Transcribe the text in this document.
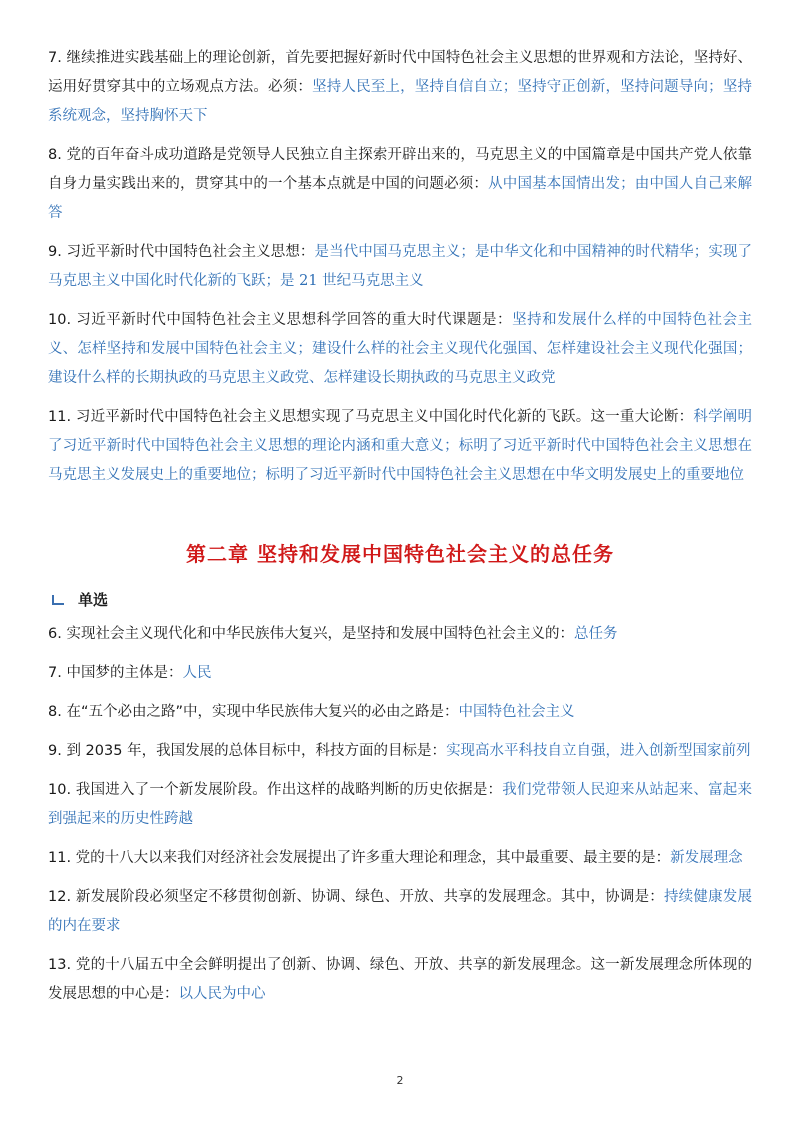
7. 继续推进实践基础上的理论创新，首先要把握好新时代中国特色社会主义思想的世界观和方法论，坚持好、运用好贯穿其中的立场观点方法。必须：坚持人民至上，坚持自信自立；坚持守正创新，坚持问题导向；坚持系统观念，坚持胸怀天下

8. 党的百年奋斗成功道路是党领导人民独立自主探索开辟出来的，马克思主义的中国篇章是中国共产党人依靠自身力量实践出来的，贯穿其中的一个基本点就是中国的问题必须：从中国基本国情出发；由中国人自己来解答

9. 习近平新时代中国特色社会主义思想：是当代中国马克思主义；是中华文化和中国精神的时代精华；实现了马克思主义中国化时代化新的飞跃；是 21 世纪马克思主义

10. 习近平新时代中国特色社会主义思想科学回答的重大时代课题是：坚持和发展什么样的中国特色社会主义、怎样坚持和发展中国特色社会主义；建设什么样的社会主义现代化强国、怎样建设社会主义现代化强国；建设什么样的长期执政的马克思主义政党、怎样建设长期执政的马克思主义政党

11. 习近平新时代中国特色社会主义思想实现了马克思主义中国化时代化新的飞跃。这一重大论断：科学阐明了习近平新时代中国特色社会主义思想的理论内涵和重大意义；标明了习近平新时代中国特色社会主义思想在马克思主义发展史上的重要地位；标明了习近平新时代中国特色社会主义思想在中华文明发展史上的重要地位

第二章 坚持和发展中国特色社会主义的总任务
单选

6. 实现社会主义现代化和中华民族伟大复兴，是坚持和发展中国特色社会主义的：总任务

7. 中国梦的主体是：人民

8. 在“五个必由之路”中，实现中华民族伟大复兴的必由之路是：中国特色社会主义

9. 到 2035 年，我国发展的总体目标中，科技方面的目标是：实现高水平科技自立自强，进入创新型国家前列

10. 我国进入了一个新发展阶段。作出这样的战略判断的历史依据是：我们党带领人民迎来从站起来、富起来到强起来的历史性跨越

11. 党的十八大以来我们对经济社会发展提出了许多重大理论和理念，其中最重要、最主要的是：新发展理念

12. 新发展阶段必须坚定不移贯彻创新、协调、绿色、开放、共享的发展理念。其中，协调是：持续健康发展的内在要求

13. 党的十八届五中全会鲜明提出了创新、协调、绿色、开放、共享的新发展理念。这一新发展理念所体现的发展思想的中心是：以人民为中心

2
